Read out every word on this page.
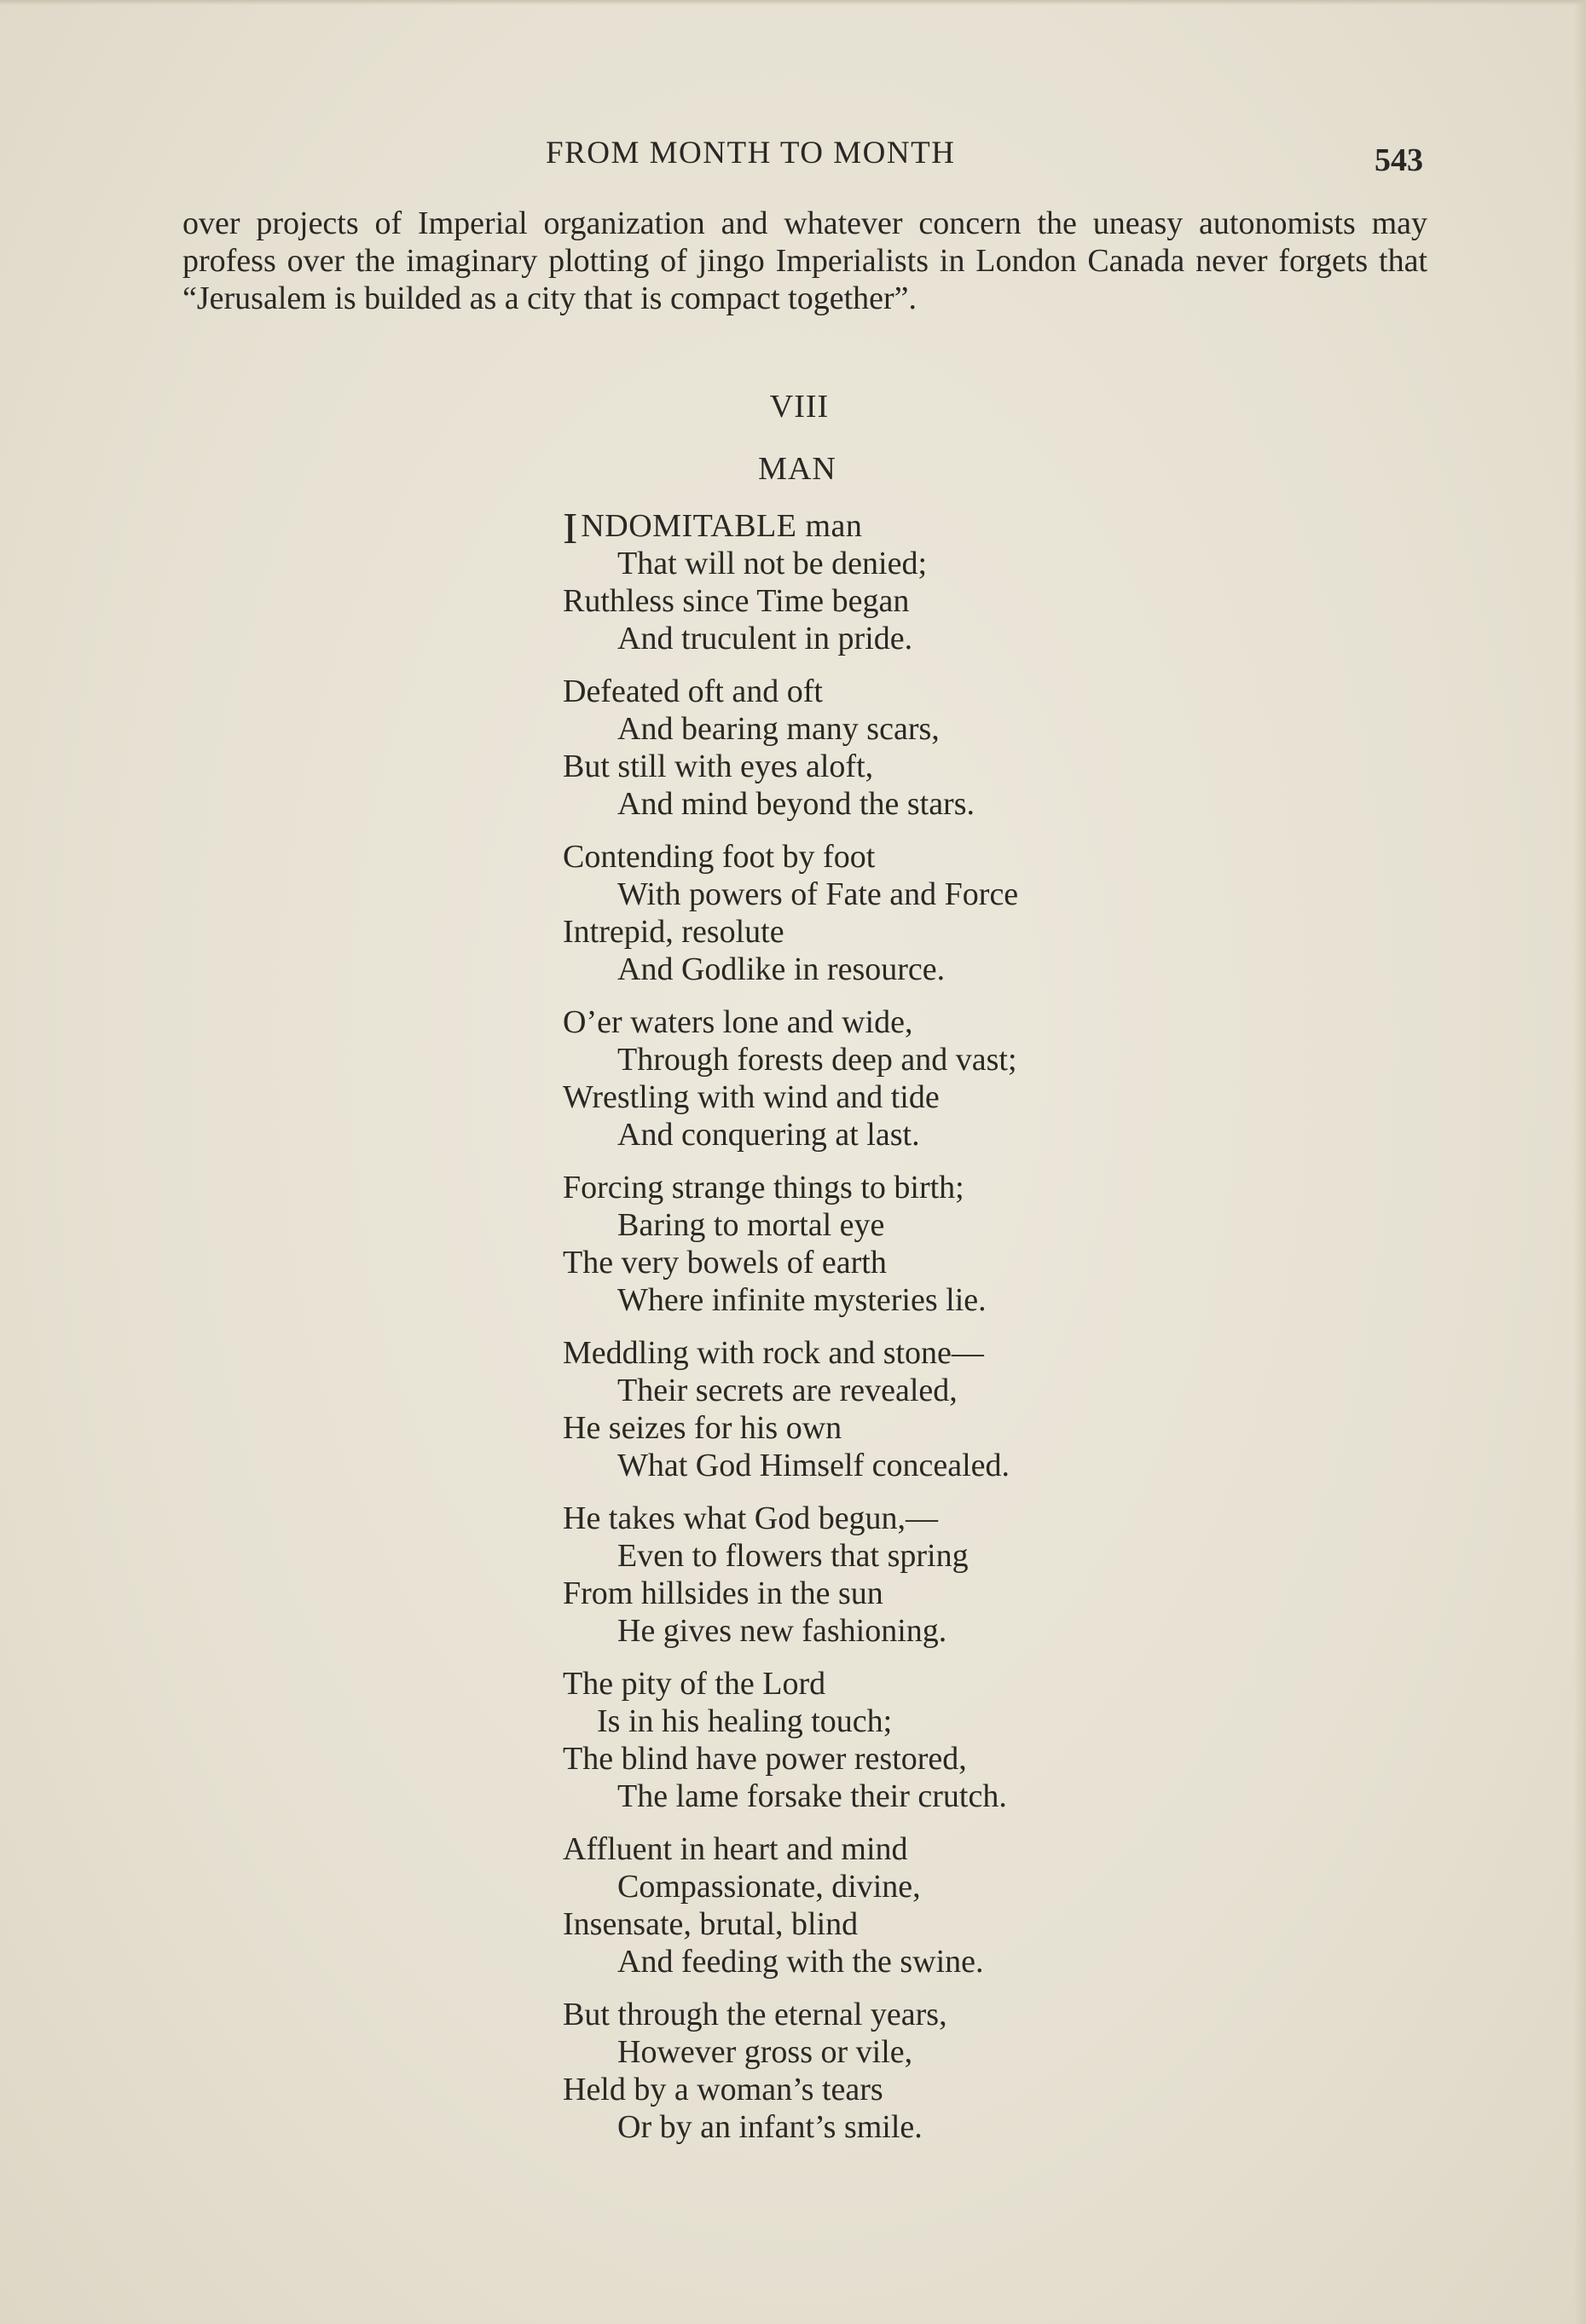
FROM MONTH TO MONTH	543

over projects of Imperial organization and whatever concern the uneasy autonomists may profess over the imaginary plotting of jingo Imperialists in London Canada never forgets that “Jerusalem is builded as a city that is compact together”.

VIII
MAN
I NDOMITABLE man
That will not be denied;
Ruthless since Time began
And truculent in pride.
Defeated oft and oft
And bearing many scars,
But still with eyes aloft,
And mind beyond the stars.
Contending foot by foot
With powers of Fate and Force
Intrepid, resolute
And Godlike in resource.
O’er waters lone and wide,
Through forests deep and vast;
Wrestling with wind and tide
And conquering at last.
Forcing strange things to birth;
Baring to mortal eye
The very bowels of earth
Where infinite mysteries lie.
Meddling with rock and stone—
Their secrets are revealed,
He seizes for his own
What God Himself concealed.
He takes what God begun,—
Even to flowers that spring
From hillsides in the sun
He gives new fashioning.
The pity of the Lord
Is in his healing touch;
The blind have power restored,
The lame forsake their crutch.
Affluent in heart and mind
Compassionate, divine,
Insensate, brutal, blind
And feeding with the swine.
But through the eternal years,
However gross or vile,
Held by a woman’s tears
Or by an infant’s smile.
